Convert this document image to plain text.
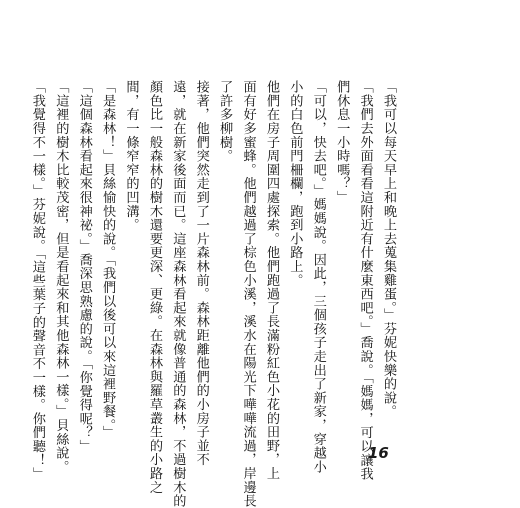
「我可以每天早上和晚上去蒐集雞蛋。」芬妮快樂的說。
「我們去外面看看這附近有什麼東西吧。」喬說。「媽媽，可以讓我
們休息一小時嗎？」
「可以，快去吧。」媽媽說。因此，三個孩子走出了新家，穿越小
小的白色前門柵欄，跑到小路上。
他們在房子周圍四處探索。他們跑過了長滿粉紅色小花的田野，上
面有好多蜜蜂。他們越過了棕色小溪，溪水在陽光下嘩嘩流過，岸邊長
了許多柳樹。
接著，他們突然走到了一片森林前。森林距離他們的小房子並不
遠，就在新家後面而已。這座森林看起來就像普通的森林，不過樹木的
顏色比一般森林的樹木還要更深、更綠。在森林與羅草叢生的小路之
間，有一條窄窄的凹溝。
「是森林！」貝絲愉快的說。「我們以後可以來這裡野餐。」
「這個森林看起來很神祕。」喬深思熟慮的說。「你覺得呢？」
「這裡的樹木比較茂密，但是看起來和其他森林一樣。」貝絲說。
「我覺得不一樣。」芬妮說。「這些葉子的聲音不一樣。你們聽！」	16
